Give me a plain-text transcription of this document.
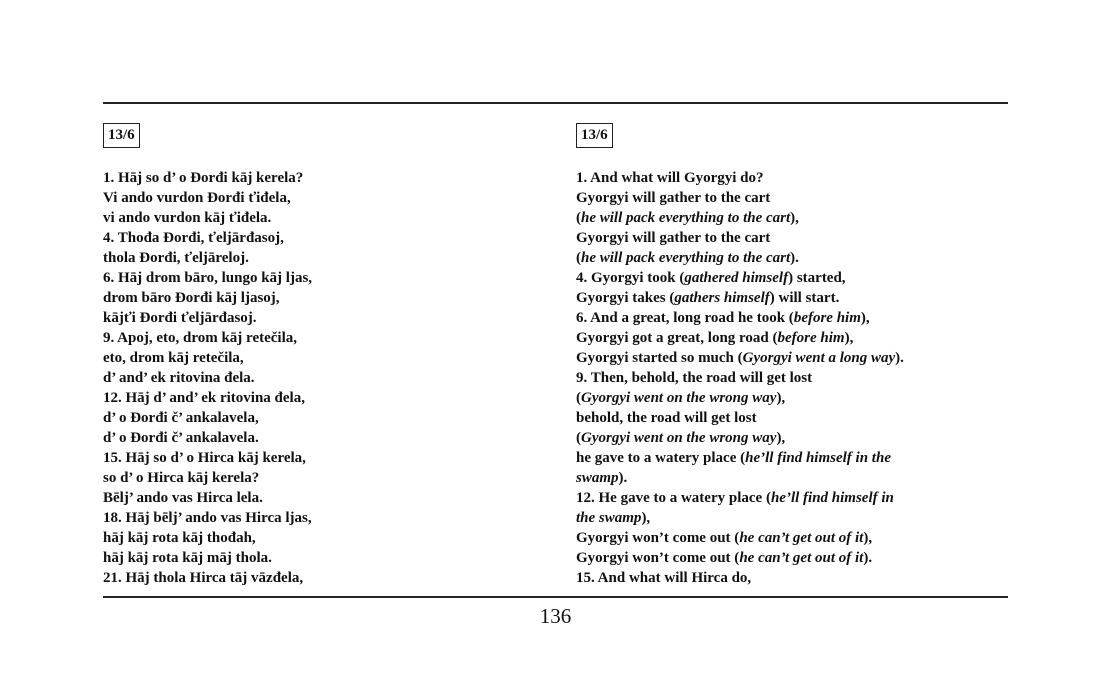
13/6
1. Hāj so d’ o Đorđi kāj kerela?
Vi ando vurdon Đorđi ťiđela,
vi ando vurdon kāj ťiđela.
4. Thođa Đorđi, ťeljārđasoj,
thola Đorđi, ťeljāreloj.
6. Hāj drom bāro, lungo kāj ljas,
drom bāro Đorđi kāj ljasoj,
kājťi Đorđi ťeljārđasoj.
9. Apoj, eto, drom kāj retečila,
eto, drom kāj retečila,
d’ and’ ek ritovina đela.
12. Hāj d’ and’ ek ritovina đela,
d’ o Đorđi č’ ankalavela,
d’ o Đorđi č’ ankalavela.
15. Hāj so d’ o Hirca kāj kerela,
so d’ o Hirca kāj kerela?
Bēlj’ ando vas Hirca lela.
18. Hāj bēlj’ ando vas Hirca ljas,
hāj kāj rota kāj thođah,
hāj kāj rota kāj māj thola.
21. Hāj thola Hirca tāj vāzđela,
13/6
1. And what will Gyorgyi do?
Gyorgyi will gather to the cart
(he will pack everything to the cart),
Gyorgyi will gather to the cart
(he will pack everything to the cart).
4. Gyorgyi took (gathered himself) started,
Gyorgyi takes (gathers himself) will start.
6. And a great, long road he took (before him),
Gyorgyi got a great, long road (before him),
Gyorgyi started so much (Gyorgyi went a long way).
9. Then, behold, the road will get lost
(Gyorgyi went on the wrong way),
behold, the road will get lost
(Gyorgyi went on the wrong way),
he gave to a watery place (he’ll find himself in the
swamp).
12. He gave to a watery place (he’ll find himself in
the swamp),
Gyorgyi won’t come out (he can’t get out of it),
Gyorgyi won’t come out (he can’t get out of it).
15. And what will Hirca do,
136
